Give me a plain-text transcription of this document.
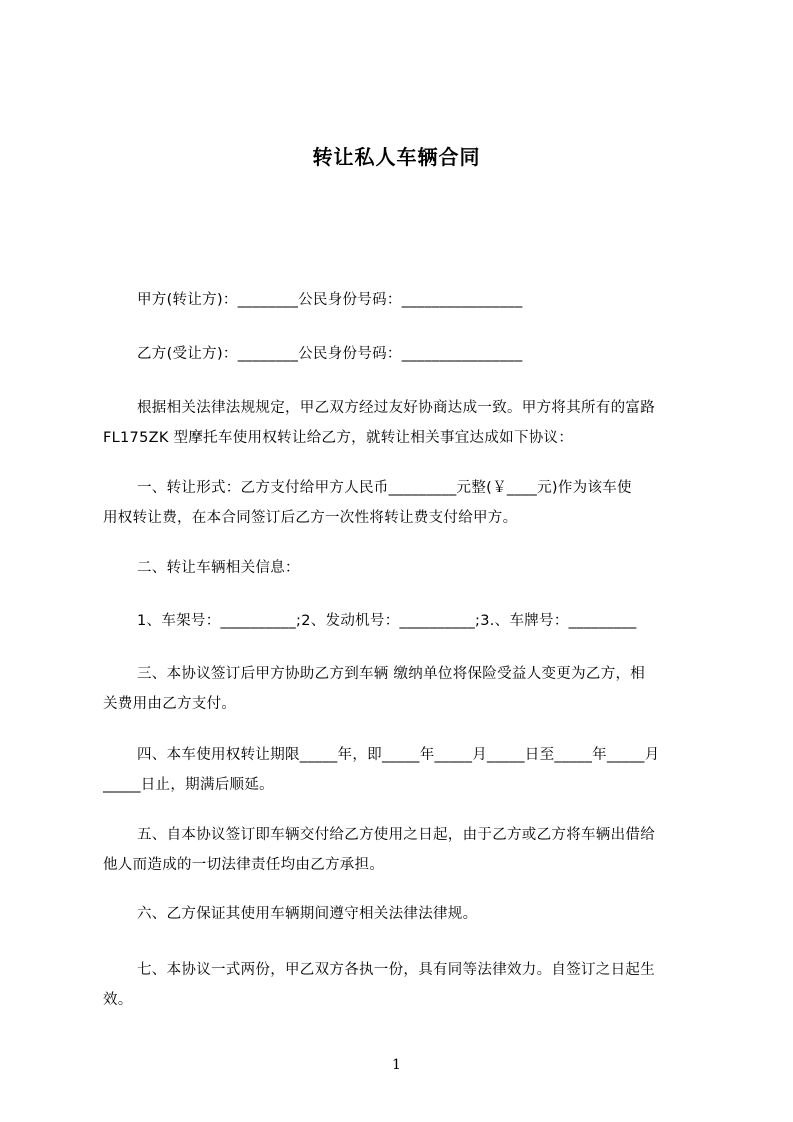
转让私人车辆合同
甲方(转让方)：________公民身份号码：________________
乙方(受让方)：________公民身份号码：________________
根据相关法律法规规定，甲乙双方经过友好协商达成一致。甲方将其所有的富路
FL175ZK 型摩托车使用权转让给乙方，就转让相关事宜达成如下协议：
一、转让形式：乙方支付给甲方人民币_________元整(￥____元)作为该车使
用权转让费，在本合同签订后乙方一次性将转让费支付给甲方。
二、转让车辆相关信息：
1、车架号：__________;2、发动机号：__________;3.、车牌号：_________
三、本协议签订后甲方协助乙方到车辆 缴纳单位将保险受益人变更为乙方，相
关费用由乙方支付。
四、本车使用权转让期限_____年，即_____年_____月_____日至_____年_____月
_____日止，期满后顺延。
五、自本协议签订即车辆交付给乙方使用之日起，由于乙方或乙方将车辆出借给
他人而造成的一切法律责任均由乙方承担。
六、乙方保证其使用车辆期间遵守相关法律法律规。
七、本协议一式两份，甲乙双方各执一份，具有同等法律效力。自签订之日起生
效。
1
